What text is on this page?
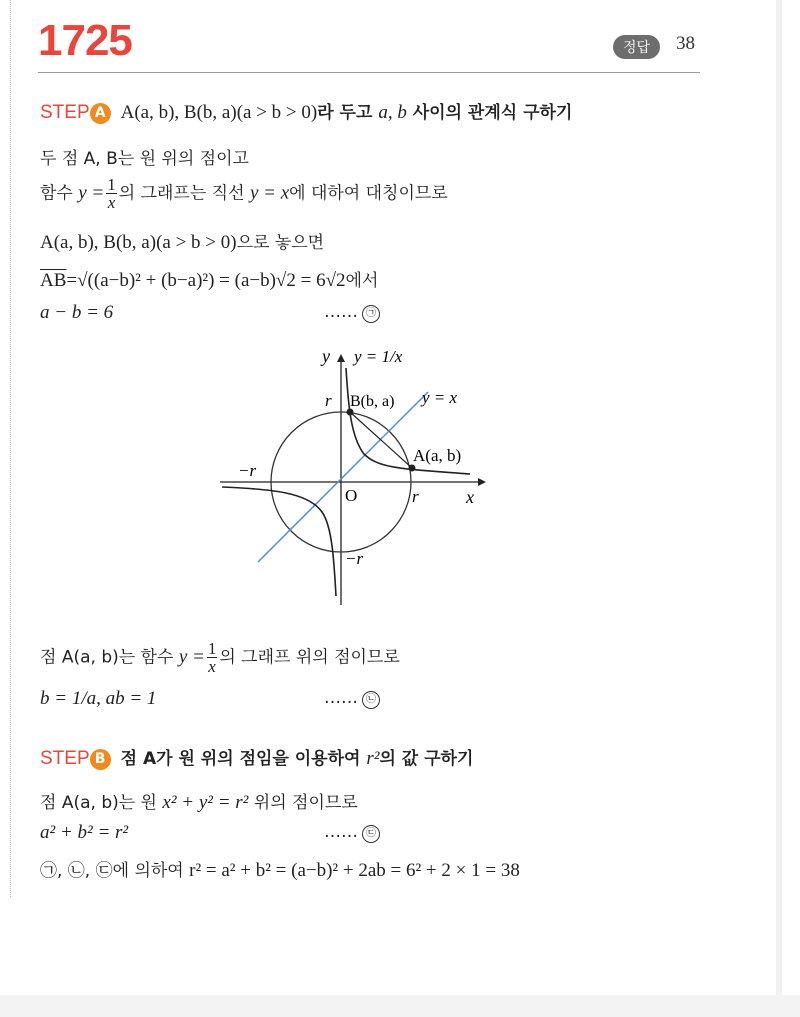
1725	정답	38
STEP A A(a, b), B(b, a)(a > b > 0)라 두고 a, b 사이의 관계식 구하기
두 점 A, B는 원 위의 점이고
함수 $y = \frac{1}{x}$ 의 그래프는 직선 y = x에 대하여 대칭이므로
A(a, b), B(b, a)(a > b > 0)으로 놓으면
$\overline{AB}=√((a-b)^2 + (b-a)^2) = (a-b)√2 = 6√2$에서
a − b = 6	…… ㉠
y
x
O
y = 1/x
y = x
A(a, b)
B(b, a)
r
r
−r
−r
점 A(a, b)는 함수 $y = \frac{1}{x}$ 의 그래프 위의 점이므로
b = 1/a, ab = 1	…… ㉡
STEP B 점 A가 원 위의 점임을 이용하여 r²의 값 구하기
점 A(a, b)는 원 x² + y² = r² 위의 점이므로
a² + b² = r²	…… ㉢
㉠, ㉡, ㉢에 의하여 r² = a² + b² = (a−b)² + 2ab = 6² + 2 × 1 = 38
